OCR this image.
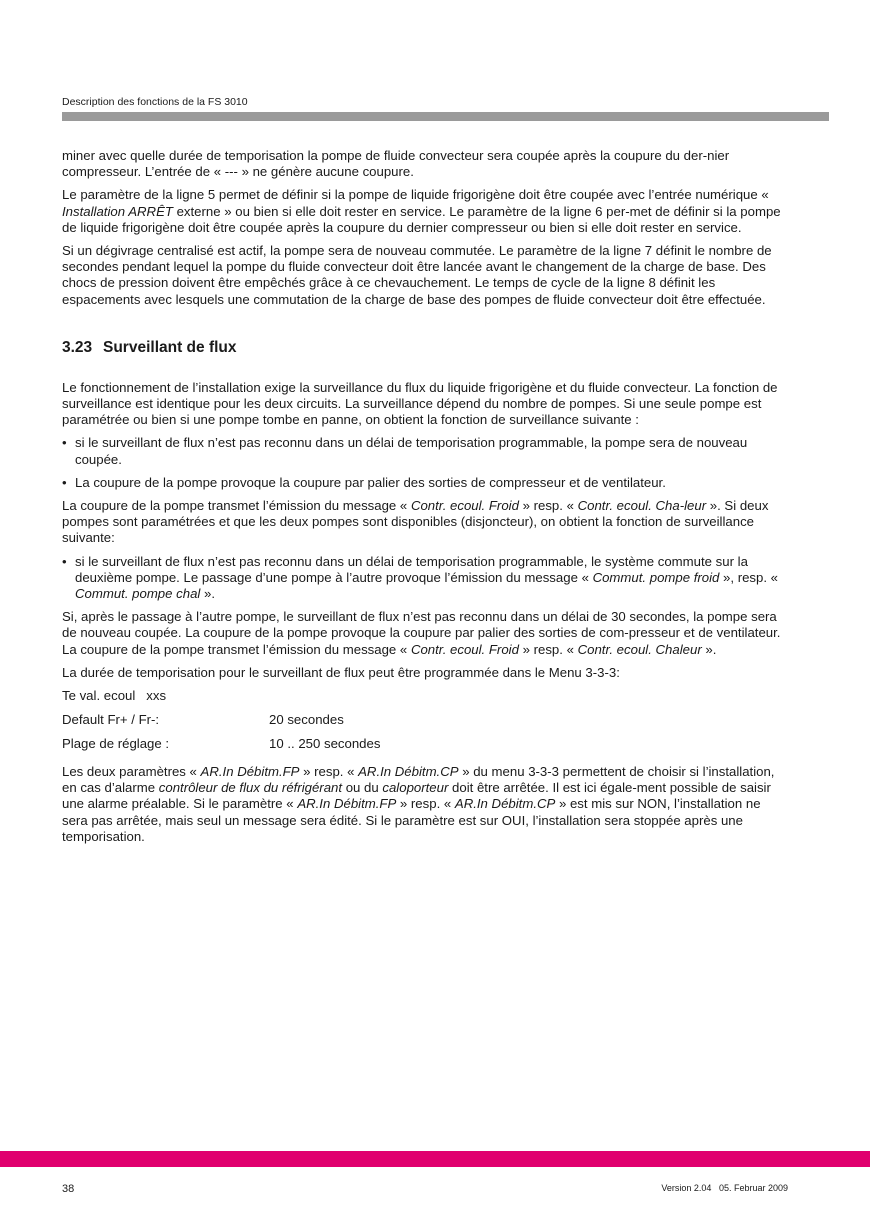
Description des fonctions de la FS 3010

miner avec quelle durée de temporisation la pompe de fluide convecteur sera coupée après la coupure du der-nier compresseur. L’entrée de « --- » ne génère aucune coupure.

Le paramètre de la ligne 5 permet de définir si la pompe de liquide frigorigène doit être coupée avec l’entrée numérique « Installation ARRÊT externe » ou bien si elle doit rester en service. Le paramètre de la ligne 6 per-met de définir si la pompe de liquide frigorigène doit être coupée après la coupure du dernier compresseur ou bien si elle doit rester en service.

Si un dégivrage centralisé est actif, la pompe sera de nouveau commutée. Le paramètre de la ligne 7 définit le nombre de secondes pendant lequel la pompe du fluide convecteur doit être lancée avant le changement de la charge de base. Des chocs de pression doivent être empêchés grâce à ce chevauchement. Le temps de cycle de la ligne 8 définit les espacements avec lesquels une commutation de la charge de base des pompes de fluide convecteur doit être effectuée.

3.23 Surveillant de flux

Le fonctionnement de l’installation exige la surveillance du flux du liquide frigorigène et du fluide convecteur. La fonction de surveillance est identique pour les deux circuits. La surveillance dépend du nombre de pompes. Si une seule pompe est paramétrée ou bien si une pompe tombe en panne, on obtient la fonction de surveillance suivante :

• si le surveillant de flux n’est pas reconnu dans un délai de temporisation programmable, la pompe sera de nouveau coupée.
• La coupure de la pompe provoque la coupure par palier des sorties de compresseur et de ventilateur.

La coupure de la pompe transmet l’émission du message « Contr. ecoul. Froid » resp. « Contr. ecoul. Cha-leur ». Si deux pompes sont paramétrées et que les deux pompes sont disponibles (disjoncteur), on obtient la fonction de surveillance suivante:

• si le surveillant de flux n’est pas reconnu dans un délai de temporisation programmable, le système commute sur la deuxième pompe. Le passage d’une pompe à l’autre provoque l’émission du message « Commut. pompe froid », resp. « Commut. pompe chal ».

Si, après le passage à l’autre pompe, le surveillant de flux n’est pas reconnu dans un délai de 30 secondes, la pompe sera de nouveau coupée. La coupure de la pompe provoque la coupure par palier des sorties de com-presseur et de ventilateur. La coupure de la pompe transmet l’émission du message « Contr. ecoul. Froid » resp. « Contr. ecoul. Chaleur ».

La durée de temporisation pour le surveillant de flux peut être programmée dans le Menu 3-3-3:

Te val. ecoul   xxs
Default Fr+ / Fr-:	20 secondes
Plage de réglage :	10 .. 250 secondes

Les deux paramètres « AR.In Débitm.FP » resp. « AR.In Débitm.CP » du menu 3-3-3 permettent de choisir si l’installation, en cas d’alarme contrôleur de flux du réfrigérant ou du caloporteur doit être arrêtée. Il est ici égale-ment possible de saisir une alarme préalable. Si le paramètre « AR.In Débitm.FP » resp. « AR.In Débitm.CP » est mis sur NON, l’installation ne sera pas arrêtée, mais seul un message sera édité. Si le paramètre est sur OUI, l’installation sera stoppée après une temporisation.

38	Version 2.04   05. Februar 2009
